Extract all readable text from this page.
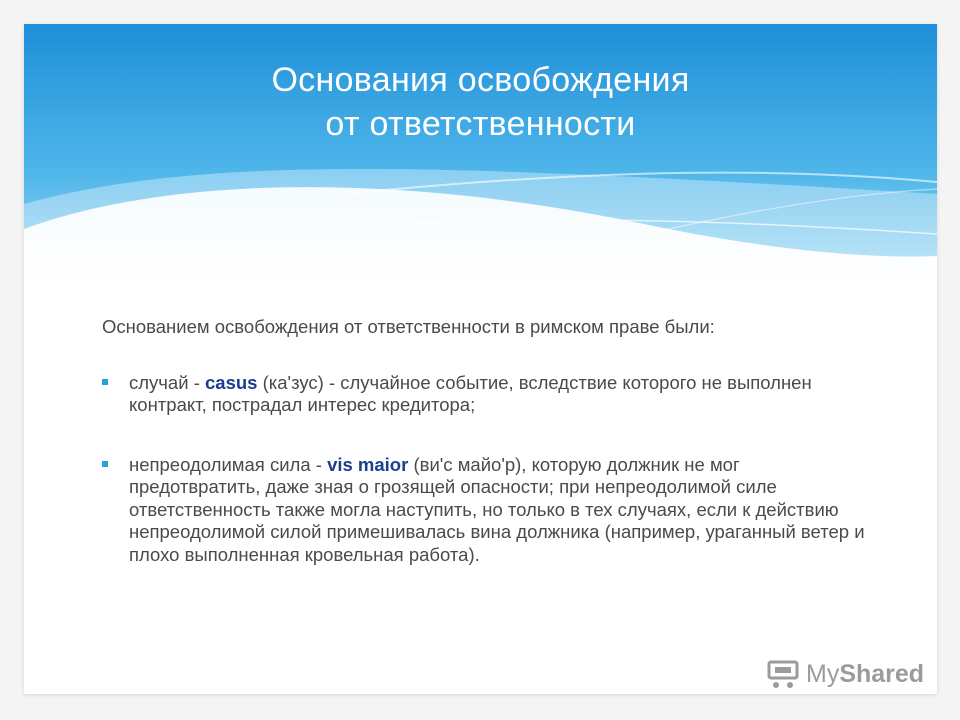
Основания освобождения
от ответственности

Основанием освобождения от ответственности в римском праве были:

случай - casus (ка'зус) - случайное событие, вследствие которого не выполнен контракт, пострадал интерес кредитора;
непреодолимая сила - vis maior (ви'с майо'р), которую должник не мог предотвратить, даже зная о грозящей опасности; при непреодолимой силе ответственность также могла наступить, но только в тех случаях, если к действию непреодолимой силой примешивалась вина должника (например, ураганный ветер и плохо выполненная кровельная работа).
MyShared
